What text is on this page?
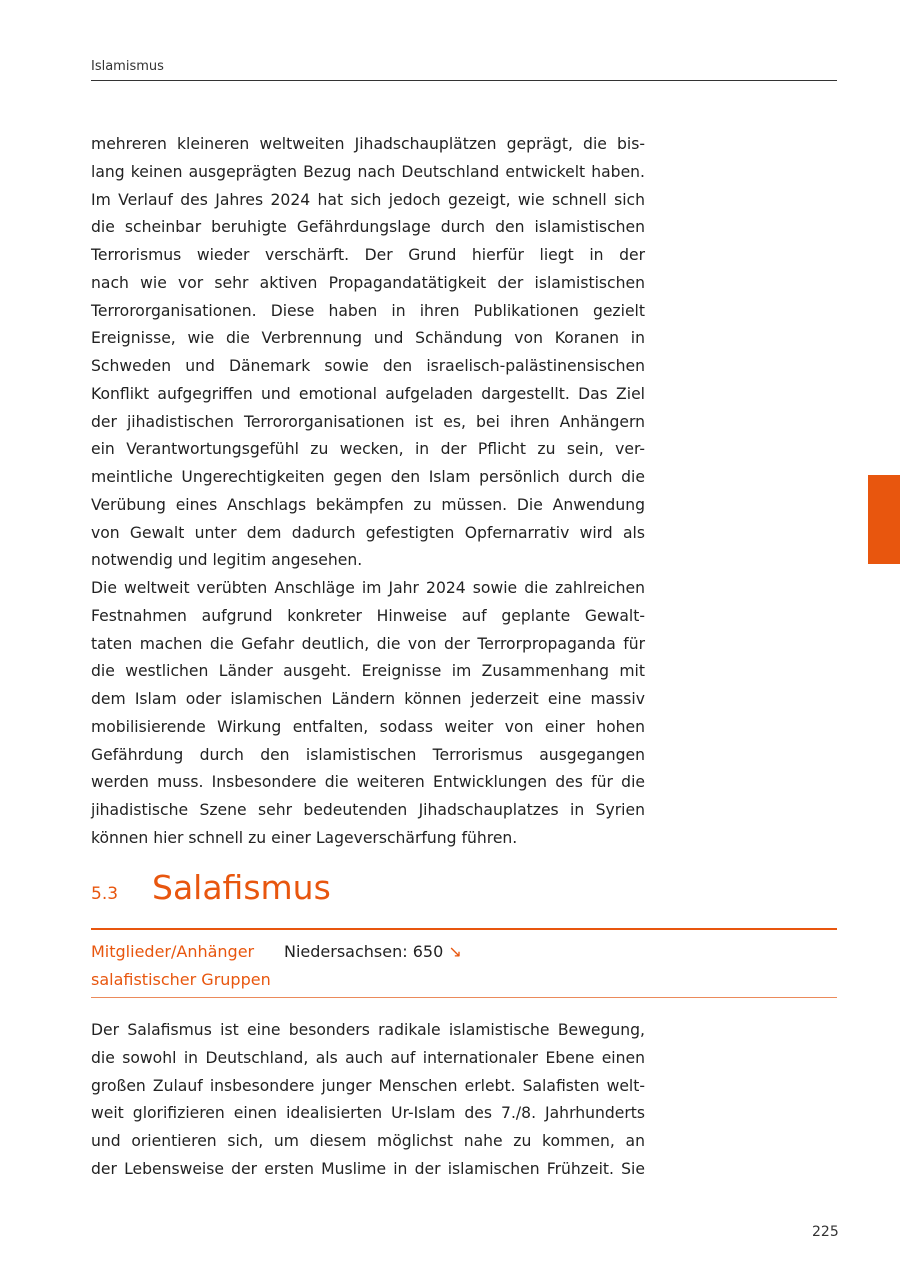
Islamismus
mehreren kleineren weltweiten Jihadschauplätzen geprägt, die bis-
lang keinen ausgeprägten Bezug nach Deutschland entwickelt haben.
Im Verlauf des Jahres 2024 hat sich jedoch gezeigt, wie schnell sich
die scheinbar beruhigte Gefährdungslage durch den islamistischen
Terrorismus wieder verschärft. Der Grund hierfür liegt in der
nach wie vor sehr aktiven Propagandatätigkeit der islamistischen
Terrororganisationen. Diese haben in ihren Publikationen gezielt
Ereignisse, wie die Verbrennung und Schändung von Koranen in
Schweden und Dänemark sowie den israelisch-palästinensischen
Konflikt aufgegriffen und emotional aufgeladen dargestellt. Das Ziel
der jihadistischen Terrororganisationen ist es, bei ihren Anhängern
ein Verantwortungsgefühl zu wecken, in der Pflicht zu sein, ver-
meintliche Ungerechtigkeiten gegen den Islam persönlich durch die
Verübung eines Anschlags bekämpfen zu müssen. Die Anwendung
von Gewalt unter dem dadurch gefestigten Opfernarrativ wird als
notwendig und legitim angesehen.
Die weltweit verübten Anschläge im Jahr 2024 sowie die zahlreichen
Festnahmen aufgrund konkreter Hinweise auf geplante Gewalt-
taten machen die Gefahr deutlich, die von der Terrorpropaganda für
die westlichen Länder ausgeht. Ereignisse im Zusammenhang mit
dem Islam oder islamischen Ländern können jederzeit eine massiv
mobilisierende Wirkung entfalten, sodass weiter von einer hohen
Gefährdung durch den islamistischen Terrorismus ausgegangen
werden muss. Insbesondere die weiteren Entwicklungen des für die
jihadistische Szene sehr bedeutenden Jihadschauplatzes in Syrien
können hier schnell zu einer Lageverschärfung führen.
5.3 Salafismus
Mitglieder/Anhänger
salafistischer Gruppen
Niedersachsen: 650 ↘
Der Salafismus ist eine besonders radikale islamistische Bewegung,
die sowohl in Deutschland, als auch auf internationaler Ebene einen
großen Zulauf insbesondere junger Menschen erlebt. Salafisten welt-
weit glorifizieren einen idealisierten Ur-Islam des 7./8. Jahrhunderts
und orientieren sich, um diesem möglichst nahe zu kommen, an
der Lebensweise der ersten Muslime in der islamischen Frühzeit. Sie
225
